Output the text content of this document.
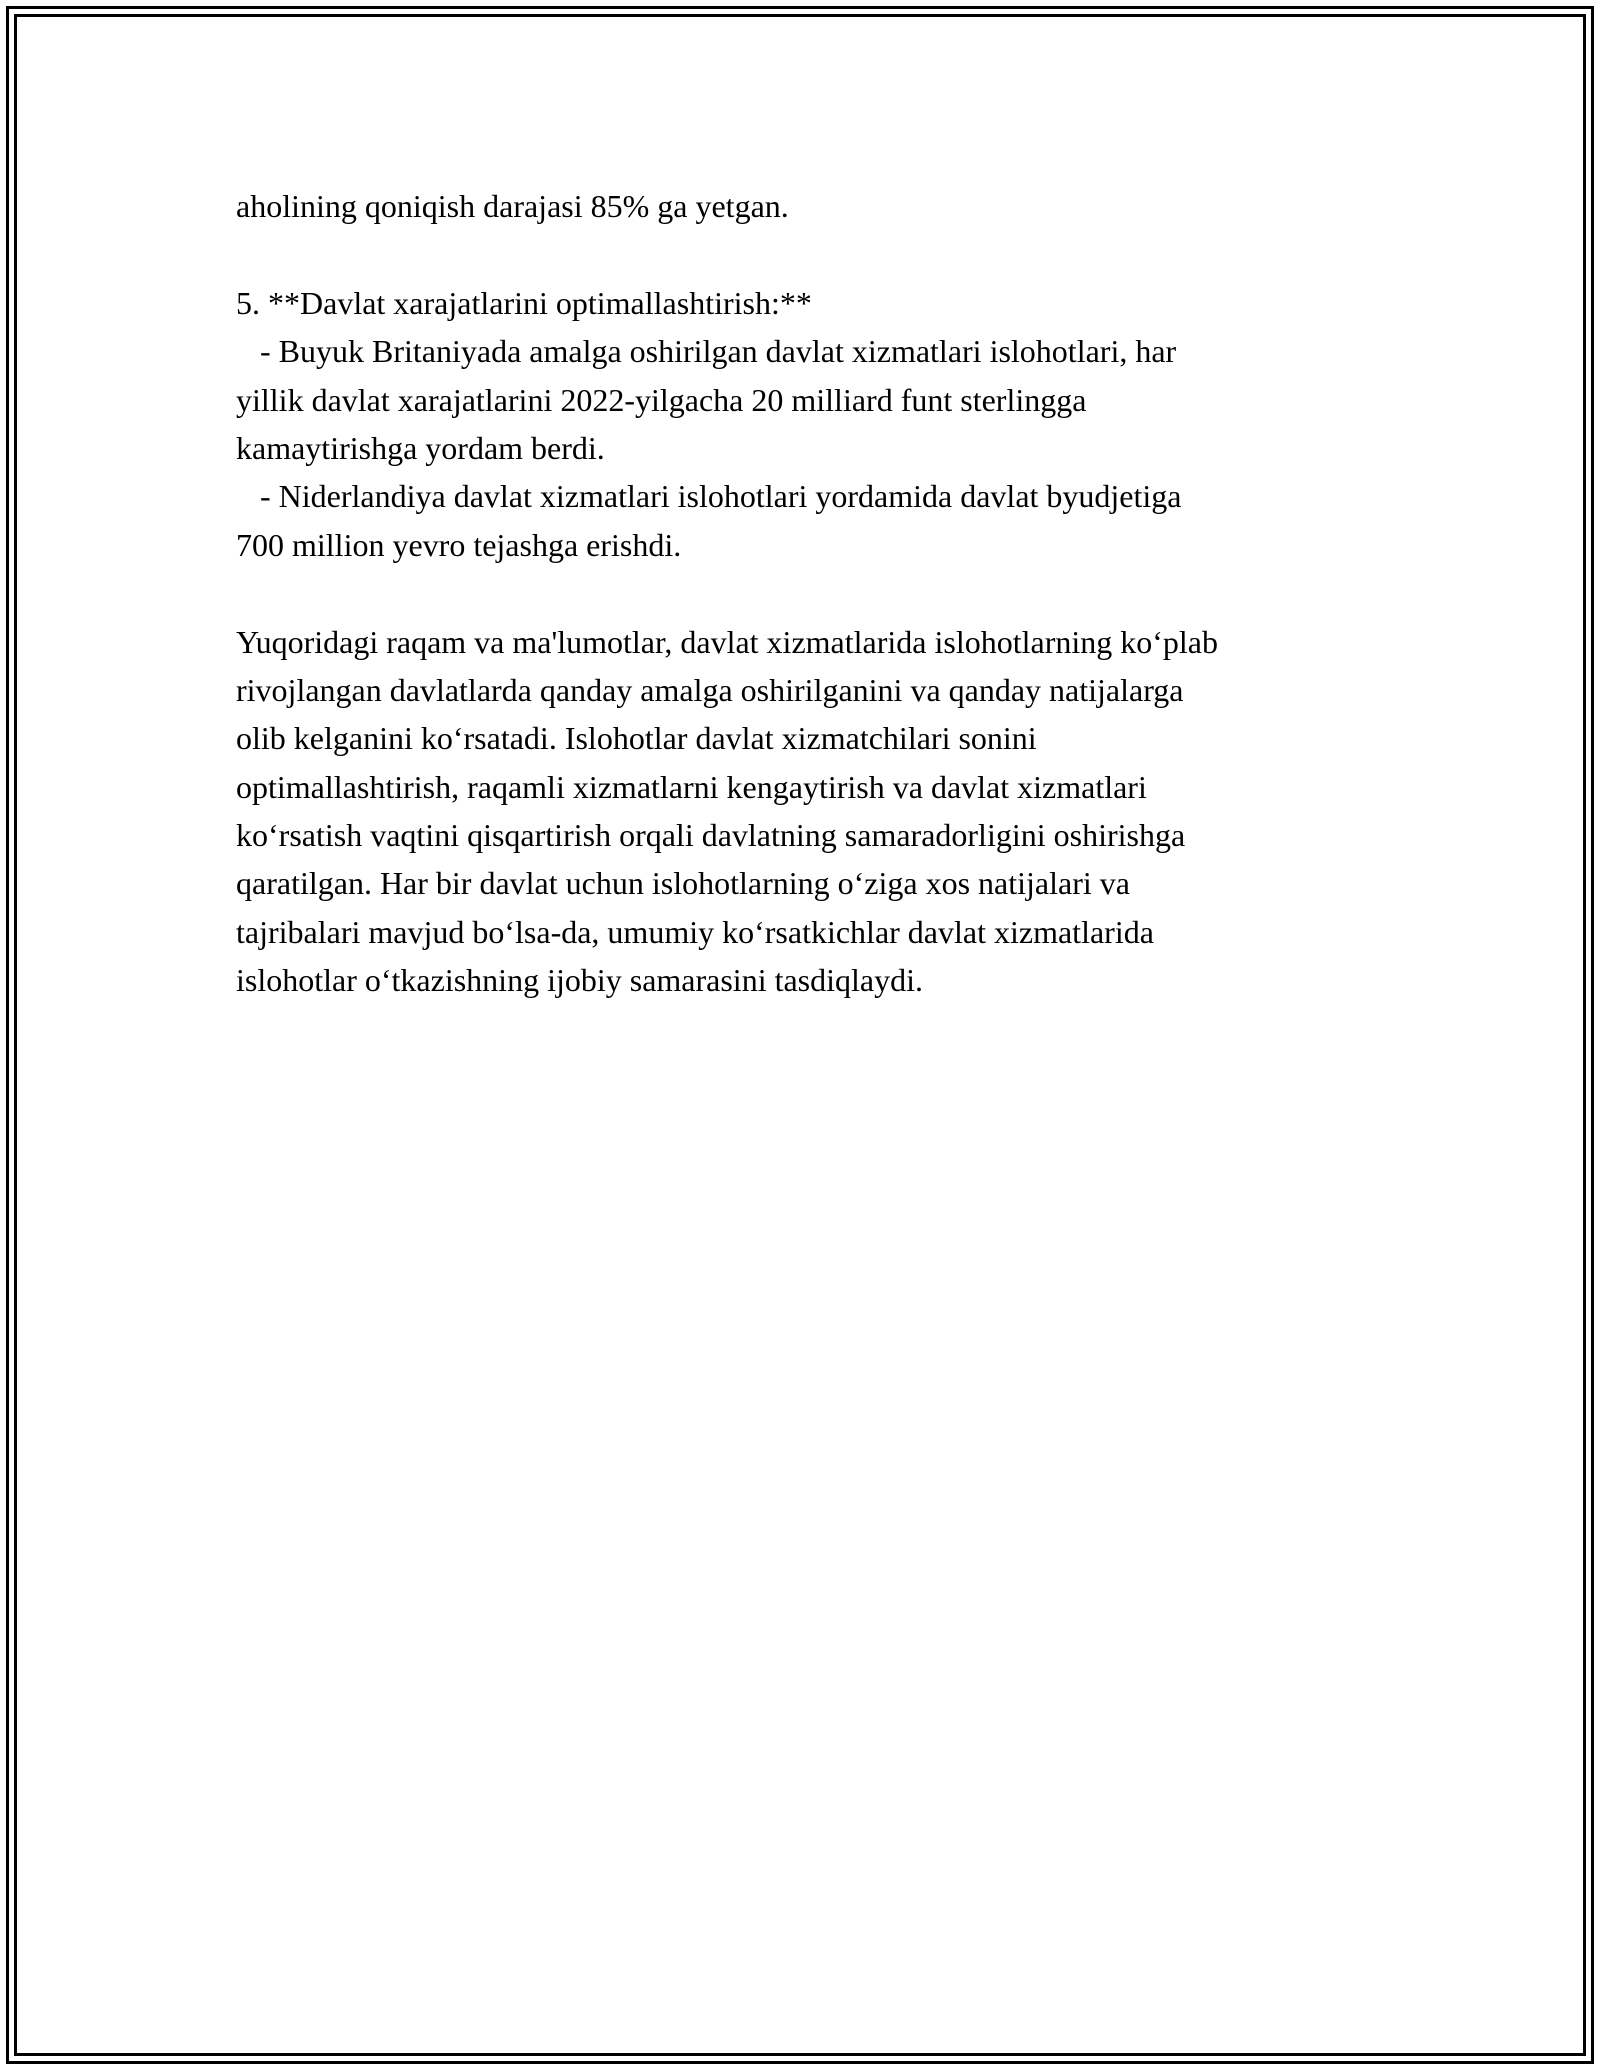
aholining qoniqish darajasi 85% ga yetgan.
5. **Davlat xarajatlarini optimallashtirish:**
- Buyuk Britaniyada amalga oshirilgan davlat xizmatlari islohotlari, har
yillik davlat xarajatlarini 2022-yilgacha 20 milliard funt sterlingga
kamaytirishga yordam berdi.
- Niderlandiya davlat xizmatlari islohotlari yordamida davlat byudjetiga
700 million yevro tejashga erishdi.
Yuqoridagi raqam va ma'lumotlar, davlat xizmatlarida islohotlarning ko‘plab
rivojlangan davlatlarda qanday amalga oshirilganini va qanday natijalarga
olib kelganini ko‘rsatadi. Islohotlar davlat xizmatchilari sonini
optimallashtirish, raqamli xizmatlarni kengaytirish va davlat xizmatlari
ko‘rsatish vaqtini qisqartirish orqali davlatning samaradorligini oshirishga
qaratilgan. Har bir davlat uchun islohotlarning o‘ziga xos natijalari va
tajribalari mavjud bo‘lsa-da, umumiy ko‘rsatkichlar davlat xizmatlarida
islohotlar o‘tkazishning ijobiy samarasini tasdiqlaydi.
